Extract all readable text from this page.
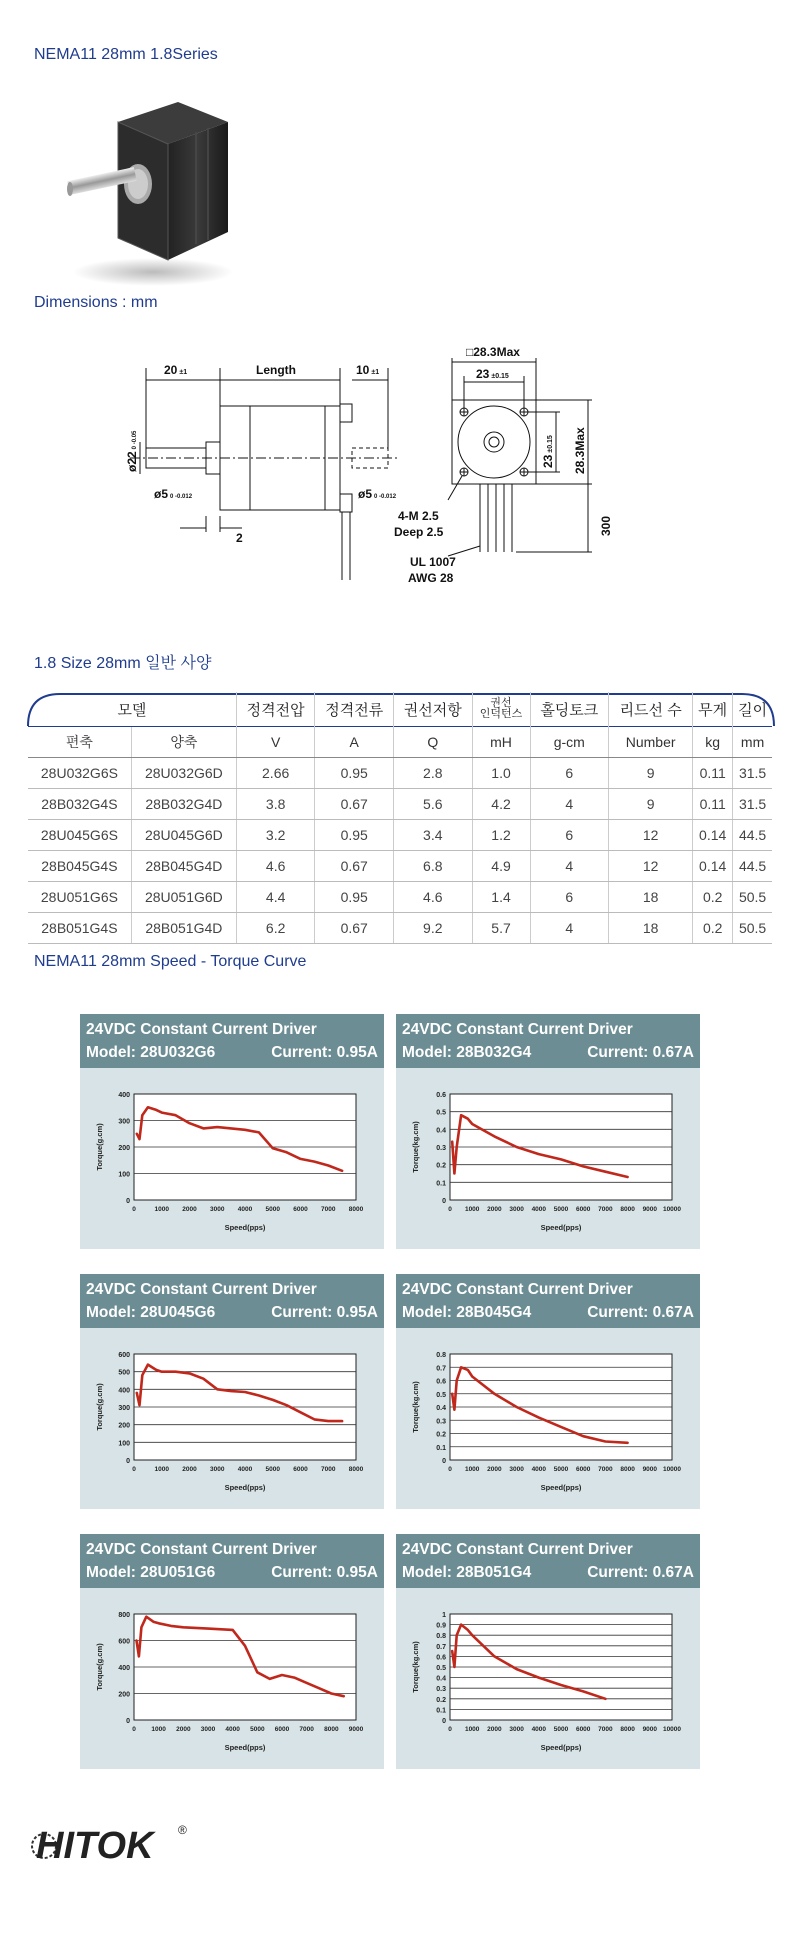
NEMA11 28mm 1.8Series
Dimensions : mm
20 ±1	Length	10 ±1
ø220 -0.05
ø5 0 -0.012	ø5 0 -0.012
2
□28.3Max
23 ±0.15
23±0.15 28.3Max
4-M 2.5
Deep 2.5
UL 1007
AWG 28
300
1.8 Size 28mm 일반 사양
모델		정격전압	정격전류	권선저항	권선
인덕턴스	홀딩토크	리드선 수	무게	길이
편축	양축	V	A	Q	mH	g-cm	Number	kg	mm
28U032G6S	28U032G6D	2.66	0.95	2.8	1.0	6	9	0.11	31.5
28B032G4S	28B032G4D	3.8	0.67	5.6	4.2	4	9	0.11	31.5
28U045G6S	28U045G6D	3.2	0.95	3.4	1.2	6	12	0.14	44.5
28B045G4S	28B045G4D	4.6	0.67	6.8	4.9	4	12	0.14	44.5
28U051G6S	28U051G6D	4.4	0.95	4.6	1.4	6	18	0.2	50.5
28B051G4S	28B051G4D	6.2	0.67	9.2	5.7	4	18	0.2	50.5
NEMA11 28mm Speed - Torque Curve
24VDC Constant Current Driver
Model: 28U032G6	Current: 0.95A
0
100
200
300
400
0	1000 2000 3000 4000 5000 6000 7000 8000
Speed(pps)
Torque(g.cm)
24VDC Constant Current Driver
Model: 28B032G4	Current: 0.67A
0
0.1
0.2
0.3
0.4
0.5
0.6
0 1000 2000 3000 4000 5000 6000 7000 8000 9000 10000
Speed(pps)
Torque(kg.cm)
24VDC Constant Current Driver
Model: 28U045G6	Current: 0.95A
0
100
200
300
400
500
600
0	1000 2000 3000 4000 5000 6000 7000 8000
Speed(pps)
Torque(g.cm)
24VDC Constant Current Driver
Model: 28B045G4	Current: 0.67A
0
0.1
0.2
0.3
0.4
0.5
0.6
0.7
0.8
0 1000 2000 3000 4000 5000 6000 7000 8000 9000 10000
Speed(pps)
Torque(kg.cm)
24VDC Constant Current Driver
Model: 28U051G6	Current: 0.95A
0
200
400
600
800
0 1000 2000 3000 4000 5000 6000 7000 8000 9000
Speed(pps)
Torque(g.cm)
24VDC Constant Current Driver
Model: 28B051G4	Current: 0.67A
0
0.1
0.2
0.3
0.4
0.5
0.6
0.7
0.8
0.9
1
0 1000 2000 3000 4000 5000 6000 7000 8000 9000 10000
Speed(pps)
Torque(kg.cm)
HITOK ®
